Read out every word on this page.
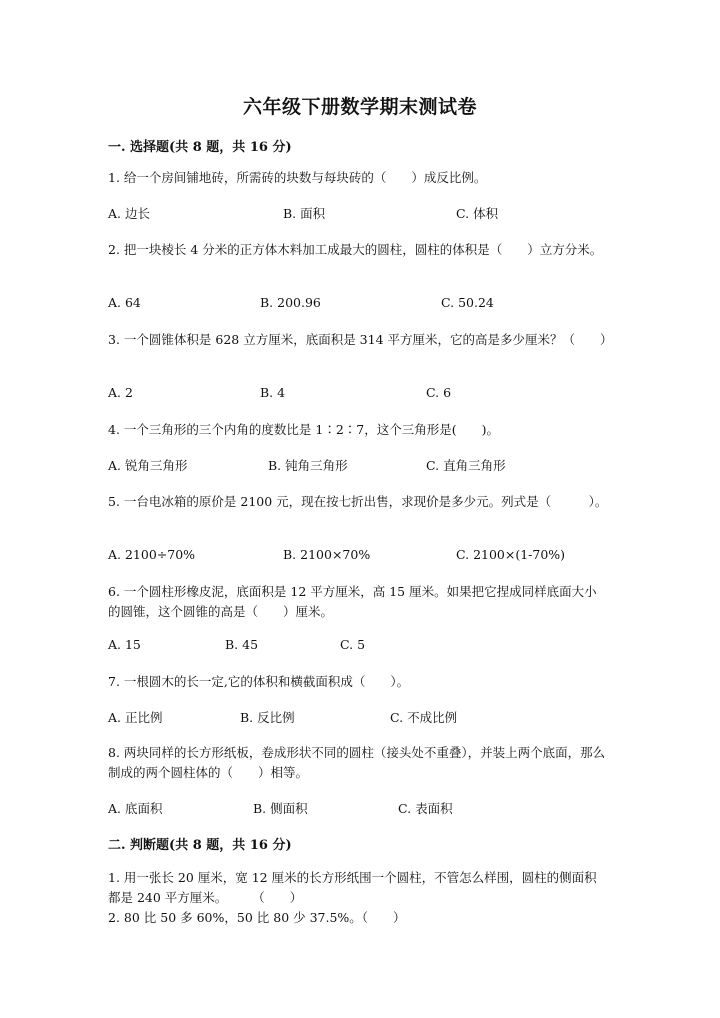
六年级下册数学期末测试卷
一. 选择题(共 8 题，共 16 分)
1. 给一个房间铺地砖，所需砖的块数与每块砖的（　　）成反比例。
A. 边长	B. 面积	C. 体积
2. 把一块棱长 4 分米的正方体木料加工成最大的圆柱，圆柱的体积是（　　）立方分米。
A. 64	B. 200.96	C. 50.24
3. 一个圆锥体积是 628 立方厘米，底面积是 314 平方厘米，它的高是多少厘米？（　　）
A. 2	B. 4	C. 6
4. 一个三角形的三个内角的度数比是 1∶2∶7，这个三角形是(　　)。
A. 锐角三角形	B. 钝角三角形	C. 直角三角形
5. 一台电冰箱的原价是 2100 元，现在按七折出售，求现价是多少元。列式是（　　　）。
A. 2100÷70%	B. 2100×70%	C. 2100×(1-70%)
6. 一个圆柱形橡皮泥，底面积是 12 平方厘米，高 15 厘米。如果把它捏成同样底面大小的圆锥，这个圆锥的高是（　　）厘米。
A. 15	B. 45	C. 5
7. 一根圆木的长一定,它的体积和横截面积成（　　）。
A. 正比例	B. 反比例	C. 不成比例
8. 两块同样的长方形纸板，卷成形状不同的圆柱（接头处不重叠），并装上两个底面，那么制成的两个圆柱体的（　　）相等。
A. 底面积	B. 侧面积	C. 表面积
二. 判断题(共 8 题，共 16 分)
1. 用一张长 20 厘米，宽 12 厘米的长方形纸围一个圆柱，不管怎么样围，圆柱的侧面积都是 240 平方厘米。　　　（　　）
2. 80 比 50 多 60%，50 比 80 少 37.5%。（　　）
